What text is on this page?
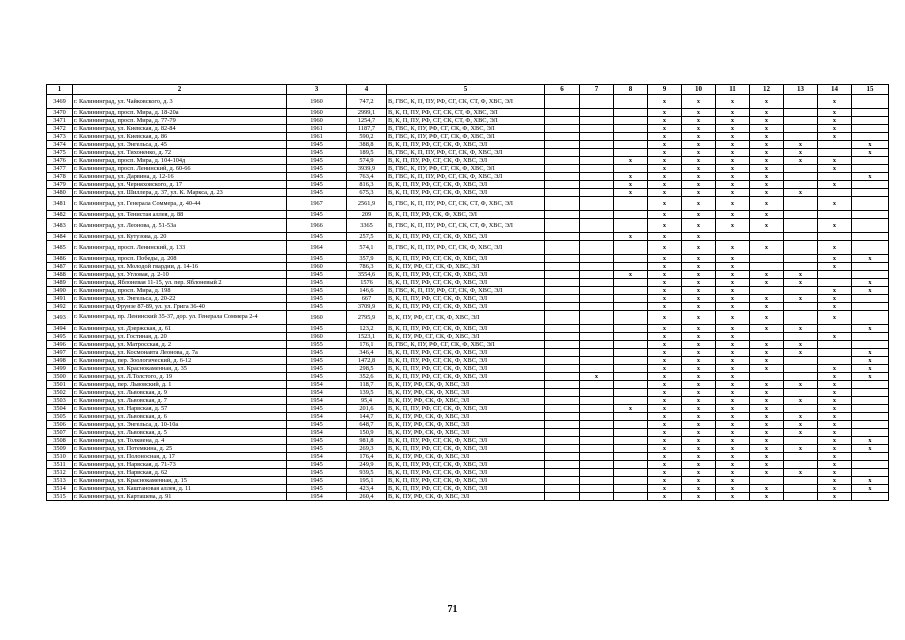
1	2	3	4	5	6	7	8	9	10	11	12	13	14	15
3469	г. Калининград, ул. Чайковского, д. 3	1960	747,2	В, ГВС, К, П, ПУ, РФ, СГ, СК, СТ, Ф, ХВС, ЭЛ				x	x	x	x		x	
3470	г. Калининград, просп. Мира, д. 18-20а	1960	2999,1	В, К, П, ПУ, РФ, СГ, СК, СТ, Ф, ХВС, ЭЛ				x	x	x	x		x	
3471	г. Калининград, просп. Мира, д. 77-79	1960	1254,7	В, К, П, ПУ, РФ, СГ, СК, СТ, Ф, ХВС, ЭЛ				x	x	x	x		x	
3472	г. Калининград, ул. Киевская, д. 82-84	1961	1187,7	В, ГВС, К, ПУ, РФ, СГ, СК, Ф, ХВС, ЭЛ				x	x	x	x		x	
3473	г. Калининград, ул. Киевская, д. 86	1961	590,2	В, ГВС, К, ПУ, РФ, СГ, СК, Ф, ХВС, ЭЛ				x	x	x	x		x	
3474	г. Калининград, ул. Энгельса, д. 45	1945	388,8	В, К, П, ПУ, РФ, СГ, СК, Ф, ХВС, ЭЛ				x	x	x	x	x		x
3475	г. Калининград, ул. Тихоненко, д. 72	1945	189,5	В, ГВС, К, П, ПУ, РФ, СГ, СК, Ф, ХВС, ЭЛ				x	x	x	x	x		x
3476	г. Калининград, просп. Мира, д. 104-104д	1945	574,9	В, К, П, ПУ, РФ, СГ, СК, Ф, ХВС, ЭЛ			x	x	x	x	x	x	x	
3477	г. Калининград, просп. Ленинский, д. 60-66	1945	3939,9	В, ГВС, К, ПУ, РФ, СГ, СК, Ф, ХВС, ЭЛ				x	x	x	x		x	
3478	г. Калининград, ул. Дарвина, д. 12-16	1945	763,4	В, ГВС, К, П, ПУ, РФ, СГ, СК, Ф, ХВС, ЭЛ			x	x	x	x	x			x
3479	г. Калининград, ул. Черняховского, д. 17	1945	816,3	В, К, П, ПУ, РФ, СГ, СК, Ф, ХВС, ЭЛ			x	x	x	x	x		x	
3480	г. Калининград, ул. Шиллера, д. 37, ул. К. Маркса, д. 23	1945	675,3	В, К, П, ПУ, РФ, СГ, СК, Ф, ХВС, ЭЛ			x	x	x	x	x	x		
3481	г. Калининград, ул. Генерала Соммера, д. 40-44	1967	2561,9	В, ГВС, К, П, ПУ, РФ, СГ, СК, СТ, Ф, ХВС, ЭЛ				x	x	x	x		x	
3482	г. Калининград, ул. Тенистая аллея, д. 88	1945	209	В, К, П, ПУ, РФ, СК, Ф, ХВС, ЭЛ				x	x	x	x			
3483	г. Калининград, ул. Леонова, д. 51-53а	1966	3365	В, ГВС, К, П, ПУ, РФ, СГ, СК, СТ, Ф, ХВС, ЭЛ				x	x	x	x		x	
3484	г. Калининград, ул. Кутузова, д. 20	1945	257,5	В, К, П, ПУ, РФ, СГ, СК, Ф, ХВС, ЭЛ			x	x	x					
3485	г. Калининград, просп. Ленинский, д. 133	1964	574,1	В, ГВС, К, П, ПУ, РФ, СГ, СК, Ф, ХВС, ЭЛ				x	x	x	x		x	
3486	г. Калининград, просп. Победы, д. 208	1945	357,9	В, К, П, ПУ, РФ, СГ, СК, Ф, ХВС, ЭЛ				x	x	x			x	x
3487	г. Калининград, ул. Молодой гвардии, д. 14-16	1960	786,3	В, К, ПУ, РФ, СГ, СК, Ф, ХВС, ЭЛ				x	x	x			x	
3488	г. Калининград, ул. Угловая, д. 2-10	1945	3554,6	В, К, П, ПУ, РФ, СГ, СК, Ф, ХВС, ЭЛ			x	x	x	x	x	x		
3489	г. Калининград, Яблоневая 11-15, ул. пер. Яблоневый 2	1945	1576	В, К, П, ПУ, РФ, СГ, СК, Ф, ХВС, ЭЛ				x	x	x	x	x		x
3490	г. Калининград, просп. Мира, д. 198	1945	146,6	В, ГВС, К, П, ПУ, РФ, СГ, СК, Ф, ХВС, ЭЛ				x	x	x			x	x
3491	г. Калининград, ул. Энгельса, д. 20-22	1945	667	В, К, П, ПУ, РФ, СГ, СК, Ф, ХВС, ЭЛ				x	x	x	x	x	x	
3492	г. Калининград Фрунзе 87-89, ул. ул. Грига 36-40	1945	3709,9	В, К, П, ПУ, РФ, СГ, СК, Ф, ХВС, ЭЛ				x	x	x	x		x	
3493	г. Калининград, пр. Ленинский 35-37, дор. ул. Генерала Соммера 2-4	1960	2795,9	В, К, ПУ, РФ, СГ, СК, Ф, ХВС, ЭЛ				x	x	x	x		x	
3494	г. Калининград, ул. Дзержская, д. 61	1945	123,2	В, К, П, ПУ, РФ, СГ, СК, Ф, ХВС, ЭЛ				x	x	x	x	x		x
3495	г. Калининград, ул. Гостиная, д. 20	1960	1523,1	В, К, ПУ, РФ, СГ, СК, Ф, ХВС, ЭЛ				x	x	x			x	
3496	г. Калининград, ул. Матросская, д. 2	1955	176,1	В, ГВС, К, ПУ, РФ, СГ, СК, Ф, ХВС, ЭЛ				x	x	x	x	x		
3497	г. Калининград, ул. Космонавта Леонова, д. 7а	1945	346,4	В, К, П, ПУ, РФ, СГ, СК, Ф, ХВС, ЭЛ				x	x	x	x	x		x
3498	г. Калининград, пер. Зоологический, д. 6-12	1945	1472,8	В, К, П, ПУ, РФ, СГ, СК, Ф, ХВС, ЭЛ				x	x	x	x			x
3499	г. Калининград, ул. Краснокаменная, д. 35	1945	298,5	В, К, П, ПУ, РФ, СГ, СК, Ф, ХВС, ЭЛ				x	x	x	x		x	x
3500	г. Калининград, ул. Л.Толстого, д. 19	1945	352,6	В, К, П, ПУ, РФ, СГ, СК, Ф, ХВС, ЭЛ		x		x	x	x			x	x
3501	г. Калининград, пер. Львовский, д. 1	1954	118,7	В, К, ПУ, РФ, СК, Ф, ХВС, ЭЛ				x	x	x	x	x	x	
3502	г. Калининград, ул. Львовская, д. 9	1954	139,5	В, К, ПУ, РФ, СК, Ф, ХВС, ЭЛ				x	x	x	x		x	
3503	г. Калининград, ул. Львовская, д. 7	1954	95,4	В, К, ПУ, РФ, СК, Ф, ХВС, ЭЛ				x	x	x	x	x	x	
3504	г. Калининград, ул. Нарвская, д. 57	1945	201,6	В, К, П, ПУ, РФ, СГ, СК, Ф, ХВС, ЭЛ			x	x	x	x	x		x	
3505	г. Калининград, ул. Львовская, д. 6	1954	144,7	В, К, ПУ, РФ, СК, Ф, ХВС, ЭЛ				x	x	x	x	x	x	
3506	г. Калининград, ул. Энгельса, д. 10-10а	1945	648,7	В, К, ПУ, РФ, СК, Ф, ХВС, ЭЛ				x	x	x	x	x	x	
3507	г. Калининград, ул. Львовская, д. 5	1954	150,9	В, К, ПУ, РФ, СК, Ф, ХВС, ЭЛ				x	x	x	x	x	x	
3508	г. Калининград, ул. Толкиена, д. 4	1945	981,8	В, К, П, ПУ, РФ, СГ, СК, Ф, ХВС, ЭЛ				x	x	x	x		x	x
3509	г. Калининград, ул. Потемкина, д. 25	1945	269,3	В, К, П, ПУ, РФ, СГ, СК, Ф, ХВС, ЭЛ				x	x	x	x	x	x	x
3510	г. Калининград, ул. Полоносная, д. 17	1954	176,4	В, К, ПУ, РФ, СК, Ф, ХВС, ЭЛ				x	x	x	x		x	
3511	г. Калининград, ул. Нарвская, д. 71-73	1945	249,9	В, К, П, ПУ, РФ, СГ, СК, Ф, ХВС, ЭЛ				x	x	x	x		x	
3512	г. Калининград, ул. Нарвская, д. 62	1945	939,5	В, К, П, ПУ, РФ, СГ, СК, Ф, ХВС, ЭЛ				x	x	x	x	x	x	
3513	г. Калининград, ул. Краснокаменная, д. 15	1945	195,1	В, К, П, ПУ, РФ, СГ, СК, Ф, ХВС, ЭЛ				x	x	x			x	x
3514	г. Калининград, ул. Каштановая аллея, д. 11	1945	423,4	В, К, П, ПУ, РФ, СГ, СК, Ф, ХВС, ЭЛ				x	x	x	x		x	x
3515	г. Калининград, ул. Карташева, д. 91	1954	260,4	В, К, ПУ, РФ, СК, Ф, ХВС, ЭЛ				x	x	x	x		x	
71
